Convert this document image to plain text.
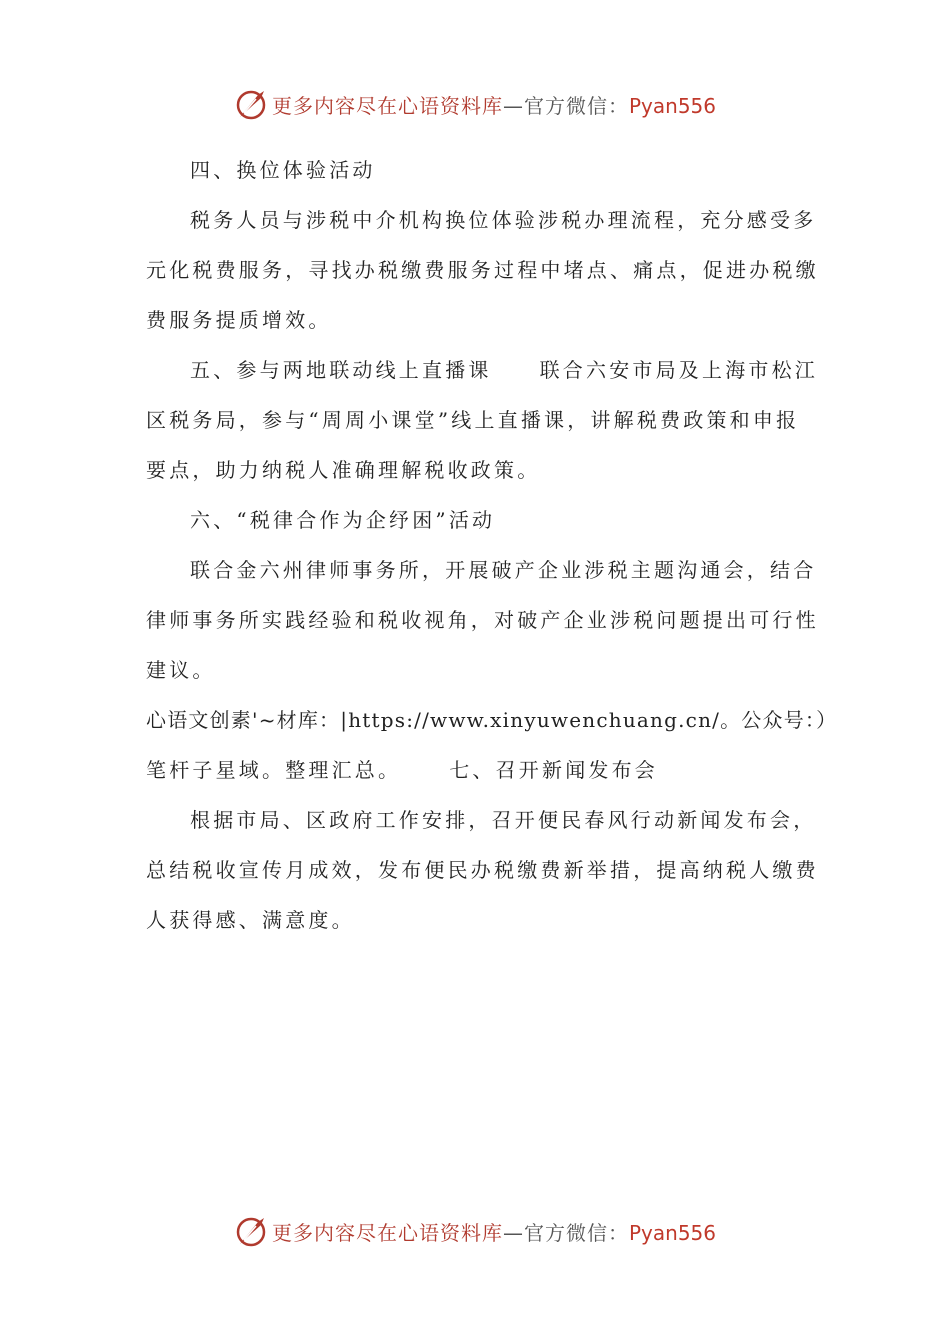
更多内容尽在心语资料库—官方微信：Pyan556
四、换位体验活动
税务人员与涉税中介机构换位体验涉税办理流程，充分感受多
元化税费服务，寻找办税缴费服务过程中堵点、痛点，促进办税缴
费服务提质增效。
五、参与两地联动线上直播课 联合六安市局及上海市松江
区税务局，参与“周周小课堂”线上直播课，讲解税费政策和申报
要点，助力纳税人准确理解税收政策。
六、“税律合作为企纾困”活动
联合金六州律师事务所，开展破产企业涉税主题沟通会，结合
律师事务所实践经验和税收视角，对破产企业涉税问题提出可行性
建议。
心语文创素'~材库：|https://www.xinyuwenchuang.cn/。公众号：）
笔杆子星域。整理汇总。 七、召开新闻发布会
根据市局、区政府工作安排，召开便民春风行动新闻发布会，
总结税收宣传月成效，发布便民办税缴费新举措，提高纳税人缴费
人获得感、满意度。
更多内容尽在心语资料库—官方微信：Pyan556
